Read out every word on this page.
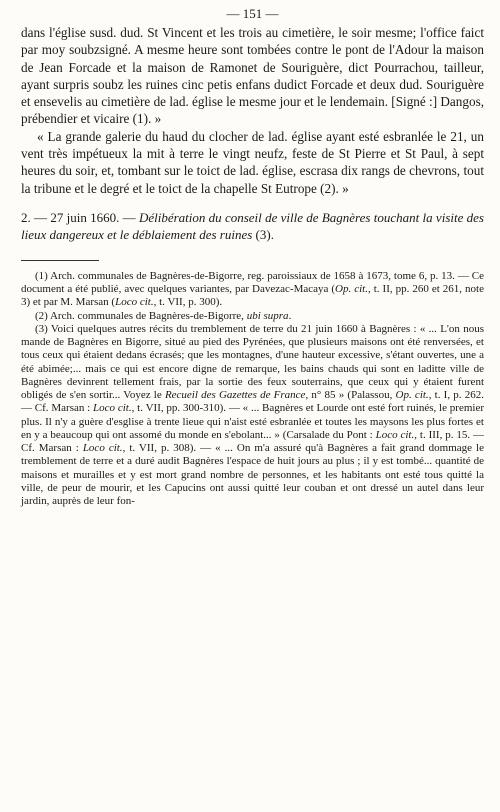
— 151 —

dans l'église susd. dud. St Vincent et les trois au cimetière, le soir mesme; l'office faict par moy soubzsigné. A mesme heure sont tombées contre le pont de l'Adour la maison de Jean Forcade et la maison de Ramonet de Souriguère, dict Pourrachou, tailleur, ayant surpris soubz les ruines cinc petis enfans dudict Forcade et deux dud. Souriguère et ensevelis au cimetière de lad. église le mesme jour et le lendemain. [Signé :] Dangos, prébendier et vicaire (1). »

« La grande galerie du haud du clocher de lad. église ayant esté esbranlée le 21, un vent très impétueux la mit à terre le vingt neufz, feste de St Pierre et St Paul, à sept heures du soir, et, tombant sur le toict de lad. église, escrasa dix rangs de chevrons, tout la tribune et le degré et le toict de la chapelle St Eutrope (2). »

2. — 27 juin 1660. — Délibération du conseil de ville de Bagnères touchant la visite des lieux dangereux et le déblaiement des ruines (3).

(1) Arch. communales de Bagnères-de-Bigorre, reg. paroissiaux de 1658 à 1673, tome 6, p. 13. — Ce document a été publié, avec quelques variantes, par Davezac-Macaya (Op. cit., t. II, pp. 260 et 261, note 3) et par M. Marsan (Loco cit., t. VII, p. 300).

(2) Arch. communales de Bagnères-de-Bigorre, ubi supra.

(3) Voici quelques autres récits du tremblement de terre du 21 juin 1660 à Bagnères : « ... L'on nous mande de Bagnères en Bigorre, situé au pied des Pyrénées, que plusieurs maisons ont été renversées, et tous ceux qui étaient dedans écrasés; que les montagnes, d'une hauteur excessive, s'étant ouvertes, une a été abimée;... mais ce qui est encore digne de remarque, les bains chauds qui sont en laditte ville de Bagnères devinrent tellement frais, par la sortie des feux souterrains, que ceux qui y étaient furent obligés de s'en sortir... Voyez le Recueil des Gazettes de France, n° 85 » (Palassou, Op. cit., t. I, p. 262. — Cf. Marsan : Loco cit., t. VII, pp. 300-310). — « ... Bagnères et Lourde ont esté fort ruinés, le premier plus. Il n'y a guère d'esglise à trente lieue qui n'aist esté esbranlée et toutes les maysons les plus fortes et en y a beaucoup qui ont assomé du monde en s'ebolant... » (Carsalade du Pont : Loco cit., t. III, p. 15. — Cf. Marsan : Loco cit., t. VII, p. 308). — « ... On m'a assuré qu'à Bagnères a fait grand dommage le tremblement de terre et a duré audit Bagnères l'espace de huit jours au plus ; il y est tombé... quantité de maisons et murailles et y est mort grand nombre de personnes, et les habitants ont esté tous quitté la ville, de peur de mourir, et les Capucins ont aussi quitté leur couban et ont dressé un autel dans leur jardin, auprès de leur fon-
